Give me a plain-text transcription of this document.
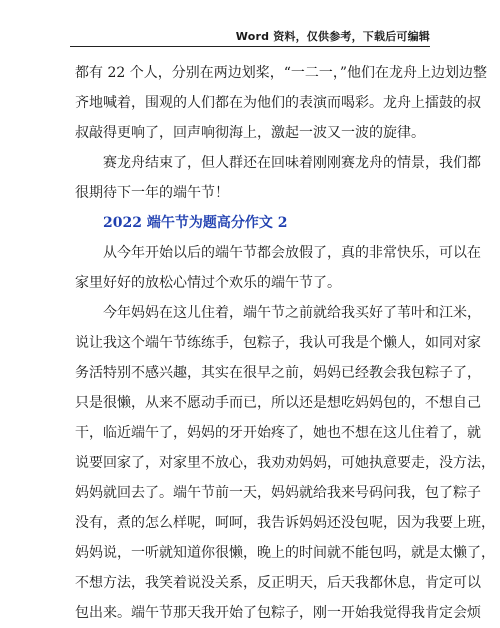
Word 资料，仅供参考，下载后可编辑
都有 22 个人，分别在两边划桨，“一二一，”他们在龙舟上边划边整
齐地喊着，围观的人们都在为他们的表演而喝彩。龙舟上擂鼓的叔
叔敲得更响了，回声响彻海上，激起一波又一波的旋律。
赛龙舟结束了，但人群还在回味着刚刚赛龙舟的情景，我们都
很期待下一年的端午节！
2022 端午节为题高分作文 2
从今年开始以后的端午节都会放假了，真的非常快乐，可以在
家里好好的放松心情过个欢乐的端午节了。
今年妈妈在这儿住着，端午节之前就给我买好了苇叶和江米，
说让我这个端午节练练手，包粽子，我认可我是个懒人，如同对家
务活特别不感兴趣，其实在很早之前，妈妈已经教会我包粽子了，
只是很懒，从来不愿动手而已，所以还是想吃妈妈包的，不想自己
干，临近端午了，妈妈的牙开始疼了，她也不想在这儿住着了，就
说要回家了，对家里不放心，我劝劝妈妈，可她执意要走，没方法，
妈妈就回去了。端午节前一天，妈妈就给我来号码问我，包了粽子
没有，煮的怎么样呢，呵呵，我告诉妈妈还没包呢，因为我要上班，
妈妈说，一听就知道你很懒，晚上的时间就不能包吗，就是太懒了，
不想方法，我笑着说没关系，反正明天，后天我都休息，肯定可以
包出来。端午节那天我开始了包粽子，刚一开始我觉得我肯定会烦
